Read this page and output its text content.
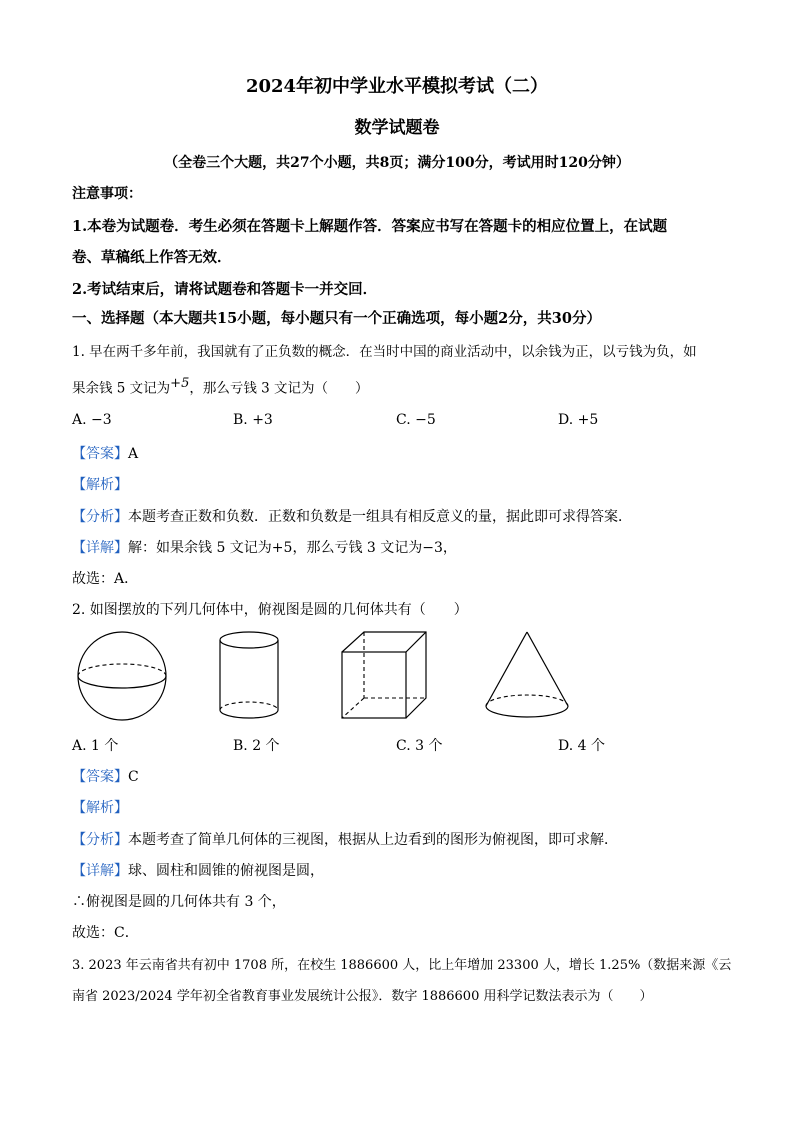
2024年初中学业水平模拟考试（二）
数学试题卷
（全卷三个大题，共27个小题，共8页；满分100分，考试用时120分钟）
注意事项：
1.本卷为试题卷．考生必须在答题卡上解题作答．答案应书写在答题卡的相应位置上，在试题
卷、草稿纸上作答无效．
2.考试结束后，请将试题卷和答题卡一并交回．
一、选择题（本大题共15小题，每小题只有一个正确选项，每小题2分，共30分）
1. 早在两千多年前，我国就有了正负数的概念．在当时中国的商业活动中，以余钱为正，以亏钱为负，如
果余钱 5 文记为$^{+5}$，那么亏钱 3 文记为（　　）
A. −3	B. +3	C. −5	D. +5
【答案】A
【解析】
【分析】本题考查正数和负数．正数和负数是一组具有相反意义的量，据此即可求得答案．
【详解】解：如果余钱 5 文记为+5，那么亏钱 3 文记为−3，
故选：A．
2. 如图摆放的下列几何体中，俯视图是圆的几何体共有（　　）
A. 1 个	B. 2 个	C. 3 个	D. 4 个
【答案】C
【解析】
【分析】本题考查了简单几何体的三视图，根据从上边看到的图形为俯视图，即可求解．
【详解】球、圆柱和圆锥的俯视图是圆，
∴俯视图是圆的几何体共有 3 个，
故选：C．
3. 2023 年云南省共有初中 1708 所，在校生 1886600 人，比上年增加 23300 人，增长 1.25%（数据来源《云
南省 2023/2024 学年初全省教育事业发展统计公报》．数字 1886600 用科学记数法表示为（　　）
